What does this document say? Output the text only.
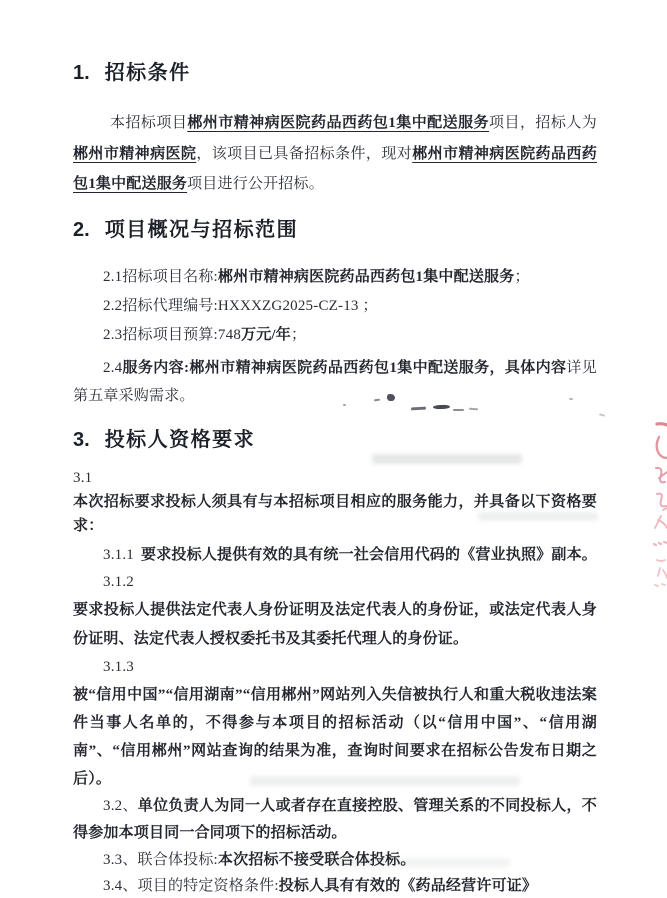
1. 招标条件

本招标项目郴州市精神病医院药品西药包1集中配送服务项目，招标人为郴州市精神病医院，该项目已具备招标条件，现对郴州市精神病医院药品西药包1集中配送服务项目进行公开招标。

2. 项目概况与招标范围

2.1招标项目名称:郴州市精神病医院药品西药包1集中配送服务；

2.2招标代理编号:HXXXZG2025-CZ-13 ；

2.3招标项目预算:748万元/年；

2.4服务内容:郴州市精神病医院药品西药包1集中配送服务，具体内容详见第五章采购需求。

3. 投标人资格要求

3.1

本次招标要求投标人须具有与本招标项目相应的服务能力，并具备以下资格要求：

3.1.1 要求投标人提供有效的具有统一社会信用代码的《营业执照》副本。

3.1.2

要求投标人提供法定代表人身份证明及法定代表人的身份证，或法定代表人身份证明、法定代表人授权委托书及其委托代理人的身份证。

3.1.3

被“信用中国”“信用湖南”“信用郴州”网站列入失信被执行人和重大税收违法案件当事人名单的，不得参与本项目的招标活动（以“信用中国”、“信用湖南”、“信用郴州”网站查询的结果为准，查询时间要求在招标公告发布日期之后）。

3.2、单位负责人为同一人或者存在直接控股、管理关系的不同投标人，不得参加本项目同一合同项下的招标活动。

3.3、联合体投标:本次招标不接受联合体投标。

3.4、项目的特定资格条件:投标人具有有效的《药品经营许可证》
